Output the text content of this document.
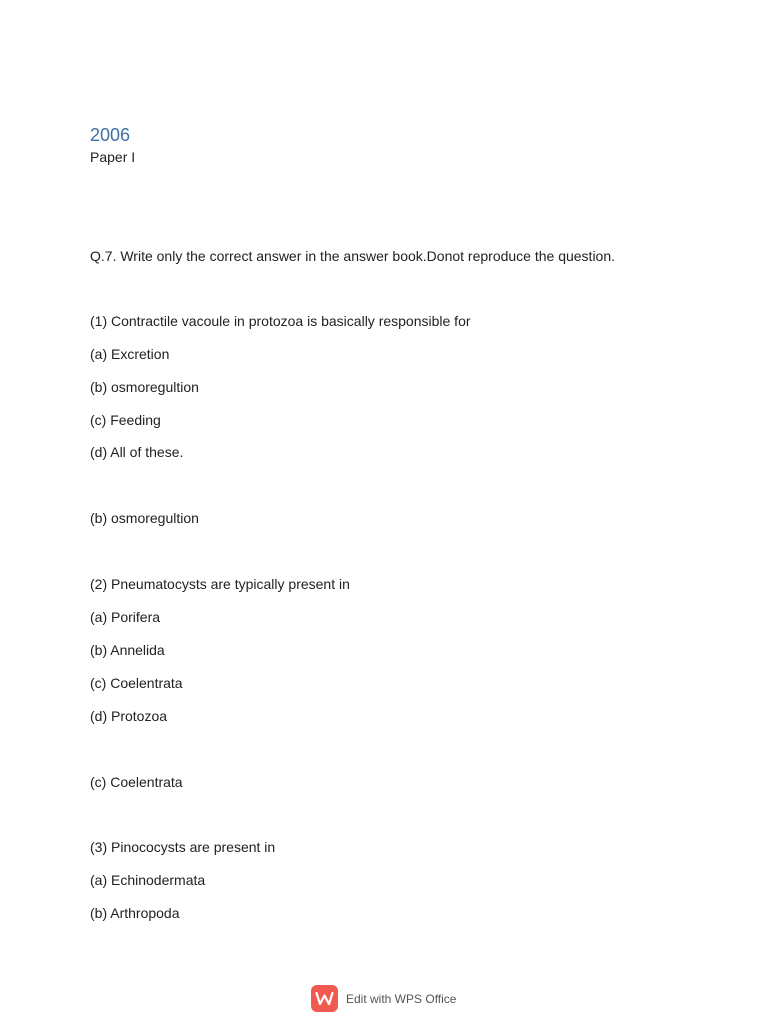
2006
Paper I
Q.7. Write only the correct answer in the answer book.Donot reproduce the question.
(1) Contractile vacoule in protozoa is basically responsible for
(a) Excretion
(b) osmoregultion
(c) Feeding
(d) All of these.
(b) osmoregultion
(2) Pneumatocysts are typically present in
(a) Porifera
(b) Annelida
(c) Coelentrata
(d) Protozoa
(c) Coelentrata
(3) Pinococysts are present in
(a) Echinodermata
(b) Arthropoda
Edit with WPS Office
